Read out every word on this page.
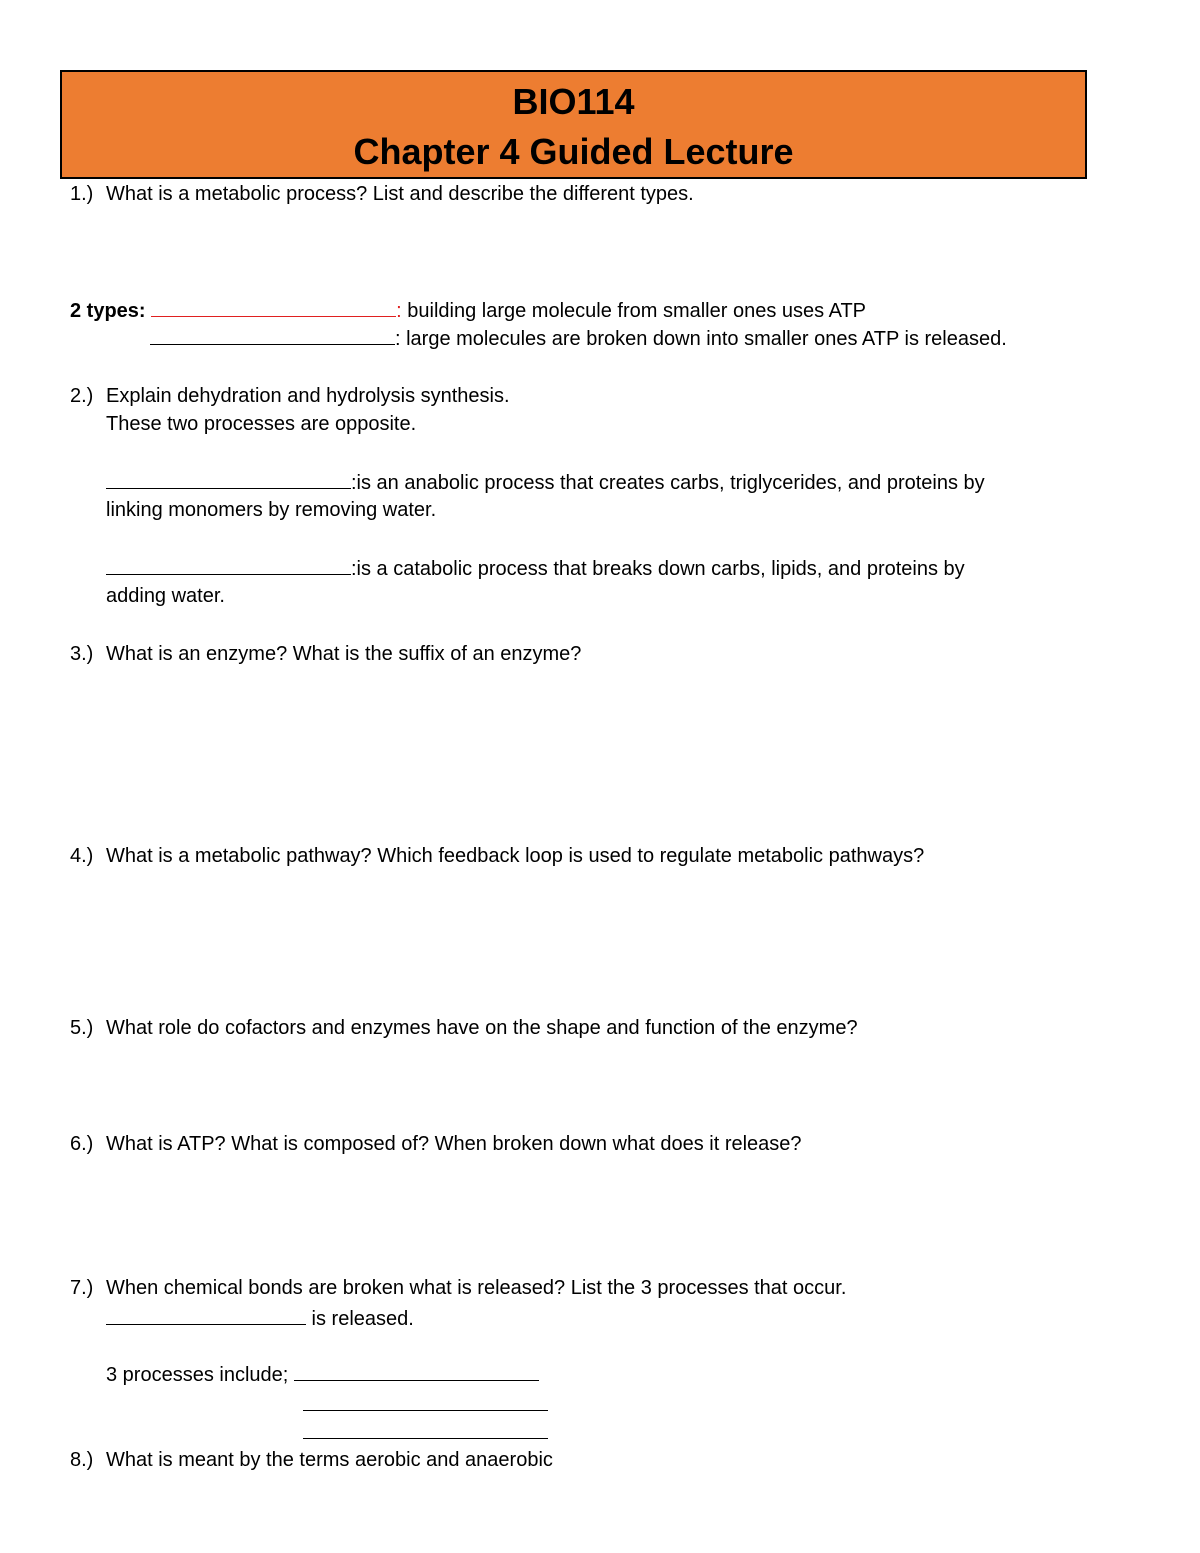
BIO114
Chapter 4 Guided Lecture
1.) What is a metabolic process? List and describe the different types.
2 types:	: building large molecule from smaller ones uses ATP
: large molecules are broken down into smaller ones ATP is released.
2.) Explain dehydration and hydrolysis synthesis.
These two processes are opposite.
:is an anabolic process that creates carbs, triglycerides, and proteins by
linking monomers by removing water.
:is a catabolic process that breaks down carbs, lipids, and proteins by
adding water.
3.) What is an enzyme? What is the suffix of an enzyme?
4.) What is a metabolic pathway? Which feedback loop is used to regulate metabolic pathways?
5.) What role do cofactors and enzymes have on the shape and function of the enzyme?
6.) What is ATP? What is composed of? When broken down what does it release?
7.) When chemical bonds are broken what is released? List the 3 processes that occur.
is released.
3 processes include;
8.) What is meant by the terms aerobic and anaerobic
